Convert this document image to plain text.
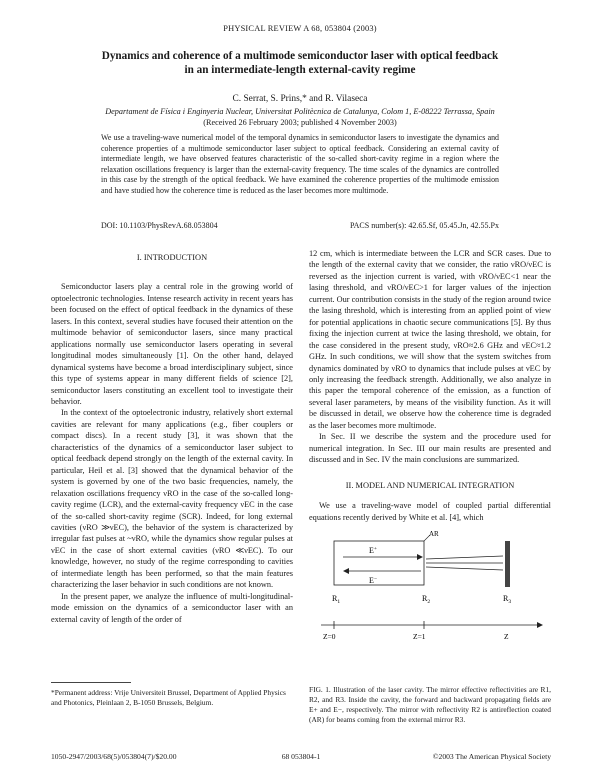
PHYSICAL REVIEW A 68, 053804 (2003)
Dynamics and coherence of a multimode semiconductor laser with optical feedback
in an intermediate-length external-cavity regime
C. Serrat, S. Prins,* and R. Vilaseca
Departament de Física i Enginyeria Nuclear, Universitat Politècnica de Catalunya, Colom 1, E-08222 Terrassa, Spain
(Received 26 February 2003; published 4 November 2003)
We use a traveling-wave numerical model of the temporal dynamics in semiconductor lasers to investigate the dynamics and coherence properties of a multimode semiconductor laser subject to optical feedback. Considering an external cavity of intermediate length, we have observed features characteristic of the so-called short-cavity regime in a region where the relaxation oscillations frequency is larger than the external-cavity frequency. The time scales of the dynamics are controlled in this case by the strength of the optical feedback. We have examined the coherence properties of the multimode emission and have studied how the coherence time is reduced as the laser becomes more multimode.
DOI: 10.1103/PhysRevA.68.053804	PACS number(s): 42.65.Sf, 05.45.Jn, 42.55.Px
I. INTRODUCTION

Semiconductor lasers play a central role in the growing world of optoelectronic technologies. Intense research activity in recent years has been focused on the effect of optical feedback in the dynamics of these lasers. In this context, several studies have focused their attention on the multimode behavior of semiconductor lasers, since many practical applications normally use semiconductor lasers operating in several longitudinal modes simultaneously [1]. On the other hand, delayed dynamical systems have become a broad interdisciplinary subject, since this type of systems appear in many different fields of science [2], semiconductor lasers constituting an excellent tool to investigate their behavior.

In the context of the optoelectronic industry, relatively short external cavities are relevant for many applications (e.g., fiber couplers or compact discs). In a recent study [3], it was shown that the characteristics of the dynamics of a semiconductor laser subject to optical feedback depend strongly on the length of the external cavity. In particular, Heil et al. [3] showed that the dynamical behavior of the system is governed by one of the two basic frequencies, namely, the relaxation oscillations frequency νRO in the case of the so-called long-cavity regime (LCR), and the external-cavity frequency νEC in the case of the so-called short-cavity regime (SCR). Indeed, for long external cavities (νRO ≫νEC), the behavior of the system is characterized by irregular fast pulses at ~νRO, while the dynamics show regular pulses at νEC in the case of short external cavities (νRO ≪νEC). To our knowledge, however, no study of the regime corresponding to cavities of intermediate length has been performed, so that the main features characterizing the laser behavior in such conditions are not known.

In the present paper, we analyze the influence of multi-longitudinal-mode emission on the dynamics of a semiconductor laser with an external cavity of length of the order of

12 cm, which is intermediate between the LCR and SCR cases. Due to the length of the external cavity that we consider, the ratio νRO/νEC is reversed as the injection current is varied, with νRO/νEC<1 near the lasing threshold, and νRO/νEC>1 for larger values of the injection current. Our contribution consists in the study of the region around twice the lasing threshold, which is interesting from an applied point of view for potential applications in chaotic secure communications [5]. By thus fixing the injection current at twice the lasing threshold, we obtain, for the case considered in the present study, νRO≈2.6 GHz and νEC≈1.2 GHz. In such conditions, we will show that the system switches from dynamics dominated by νRO to dynamics that include pulses at νEC by only increasing the feedback strength. Additionally, we also analyze in this paper the temporal coherence of the emission, as a function of several laser parameters, by means of the visibility function. As it will be discussed in detail, we observe how the coherence time is degraded as the laser becomes more multimode.

In Sec. II we describe the system and the procedure used for numerical integration. In Sec. III our main results are presented and discussed and in Sec. IV the main conclusions are summarized.

II. MODEL AND NUMERICAL INTEGRATION

We use a traveling-wave model of coupled partial differential equations recently derived by White et al. [4], which

AR
E+
E−
$R_1$	$R_2$	$R_3$
Z=0	Z=1	Z
FIG. 1. Illustration of the laser cavity. The mirror effective reflectivities are R1, R2, and R3. Inside the cavity, the forward and backward propagating fields are E+ and E−, respectively. The mirror with reflectivity R2 is antireflection coated (AR) for beams coming from the external mirror R3.
*Permanent address: Vrije Universiteit Brussel, Department of Applied Physics and Photonics, Pleinlaan 2, B-1050 Brussels, Belgium.
1050-2947/2003/68(5)/053804(7)/$20.00	68 053804-1	©2003 The American Physical Society
